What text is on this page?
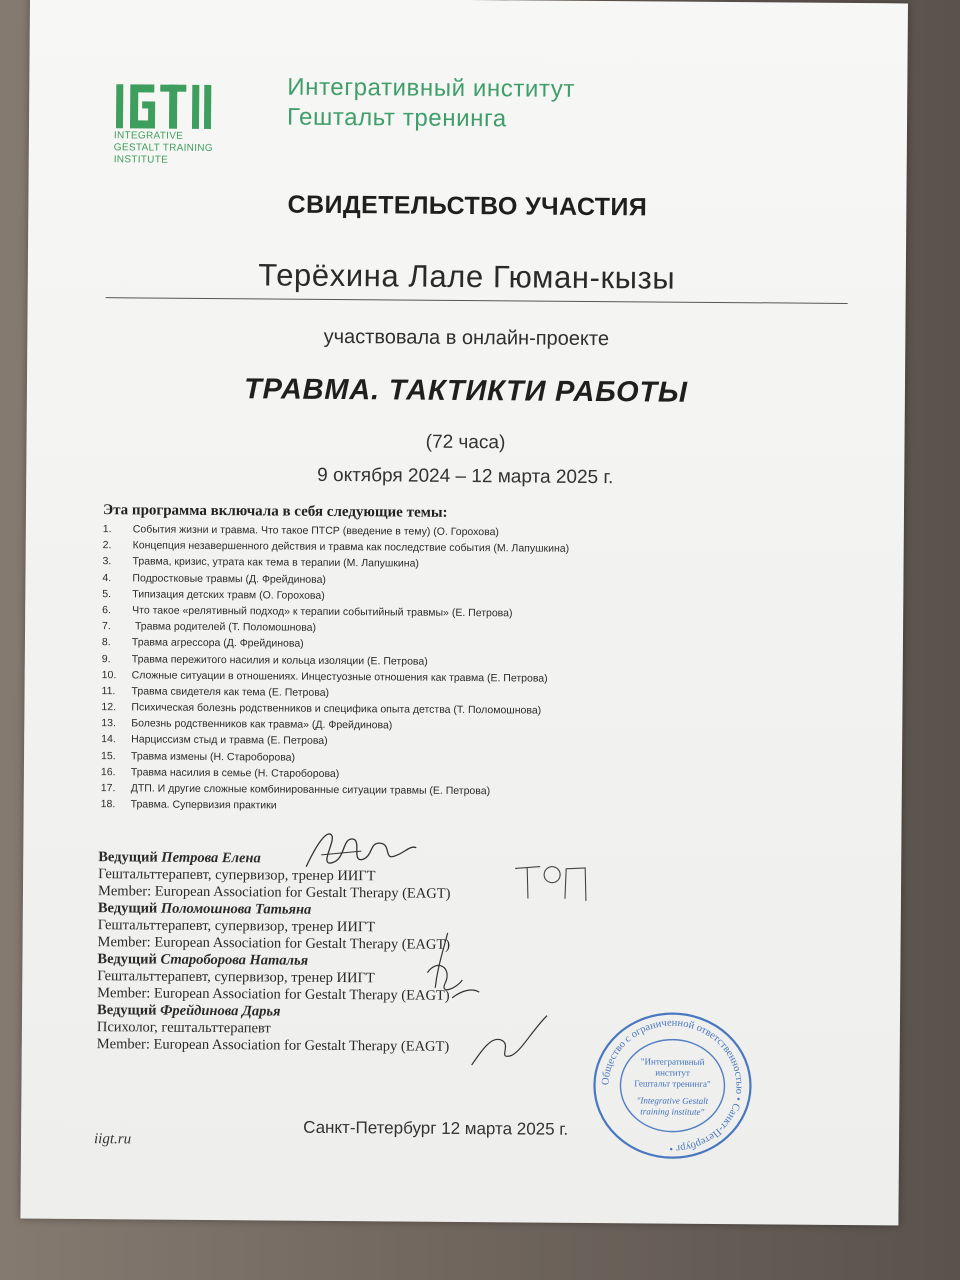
INTEGRATIVE
GESTALT TRAINING
INSTITUTE
Интегративный институт
Гештальт тренинга
СВИДЕТЕЛЬСТВО УЧАСТИЯ
Терёхина Лале Гюман-кызы
участвовала в онлайн-проекте
ТРАВМА. ТАКТИКТИ РАБОТЫ
(72 часа)
9 октября 2024 – 12 марта 2025 г.
Эта программа включала в себя следующие темы:
1. События жизни и травма. Что такое ПТСР (введение в тему) (О. Горохова)
2. Концепция незавершенного действия и травма как последствие события (М. Лапушкина)
3. Травма, кризис, утрата как тема в терапии (М. Лапушкина)
4. Подростковые травмы (Д. Фрейдинова)
5. Типизация детских травм (О. Горохова)
6. Что такое «релятивный подход» к терапии событийный травмы» (Е. Петрова)
7. Травма родителей (Т. Поломошнова)
8. Травма агрессора (Д. Фрейдинова)
9. Травма пережитого насилия и кольца изоляции (Е. Петрова)
10. Сложные ситуации в отношениях. Инцестуозные отношения как травма (Е. Петрова)
11. Травма свидетеля как тема (Е. Петрова)
12. Психическая болезнь родственников и специфика опыта детства (Т. Поломошнова)
13. Болезнь родственников как травма» (Д. Фрейдинова)
14. Нарциссизм стыд и травма (Е. Петрова)
15. Травма измены (Н. Староборова)
16. Травма насилия в семье (Н. Староборова)
17. ДТП. И другие сложные комбинированные ситуации травмы (Е. Петрова)
18. Травма. Супервизия практики
Ведущий Петрова Елена
Гештальттерапевт, супервизор, тренер ИИГТ
Member: European Association for Gestalt Therapy (EAGT)
Ведущий Поломошнова Татьяна
Гештальттерапевт, супервизор, тренер ИИГТ
Member: European Association for Gestalt Therapy (EAGT)
Ведущий Староборова Наталья
Гештальттерапевт, супервизор, тренер ИИГТ
Member: European Association for Gestalt Therapy (EAGT)
Ведущий Фрейдинова Дарья
Психолог, гештальттерапевт
Member: European Association for Gestalt Therapy (EAGT)
Санкт-Петербург 12 марта 2025 г.
iigt.ru
Общество с ограниченной ответственностью • Санкт-Петербург •
"Интегративный
институт
Гештальт тренинга"
"Integrative Gestalt
training institute"
